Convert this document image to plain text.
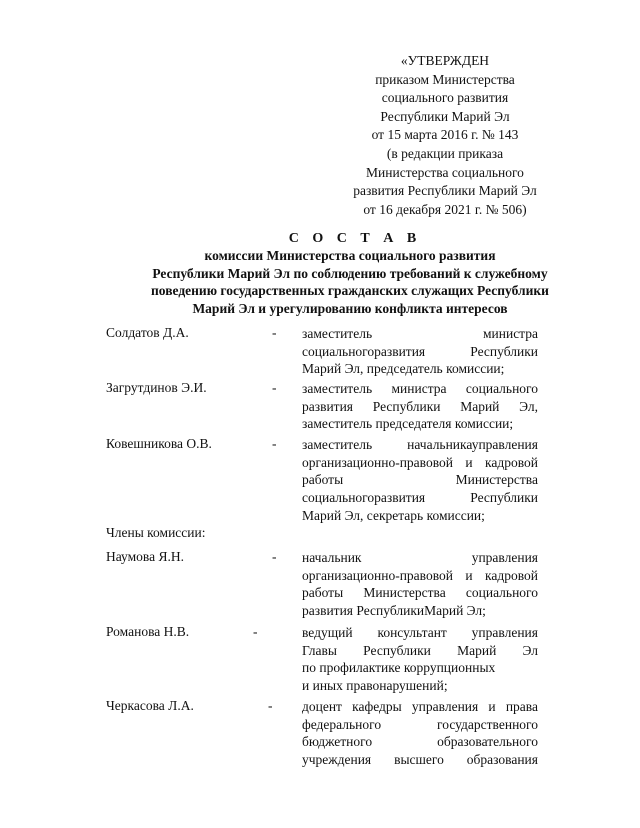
«УТВЕРЖДЕН
приказом Министерства
социального развития
Республики Марий Эл
от 15 марта 2016 г. № 143
(в редакции приказа
Министерства социального
развития Республики Марий Эл
от 16 декабря 2021 г. № 506)
С О С Т А В
комиссии Министерства социального развития
Республики Марий Эл по соблюдению требований к служебному
поведению государственных гражданских служащих Республики
Марий Эл и урегулированию конфликта интересов
Солдатов Д.А.	- заместитель министра
социальногоразвития Республики
Марий Эл, председатель комиссии;
Загрутдинов Э.И.	- заместитель министра социального
развития Республики Марий Эл,
заместитель председателя комиссии;
Ковешникова О.В.	- заместитель начальникауправления
организационно-правовой и кадровой
работы Министерства
социальногоразвития Республики
Марий Эл, секретарь комиссии;
Члены комиссии:
Наумова Я.Н.	- начальник управления
организационно-правовой и кадровой
работы Министерства социального
развития РеспубликиМарий Эл;
Романова Н.В.	-	ведущий консультант управления
Главы Республики Марий Эл
по профилактике коррупционных
и иных правонарушений;
Черкасова Л.А.	- доцент кафедры управления и права
федерального государственного
бюджетного образовательного
учреждения высшего образования
